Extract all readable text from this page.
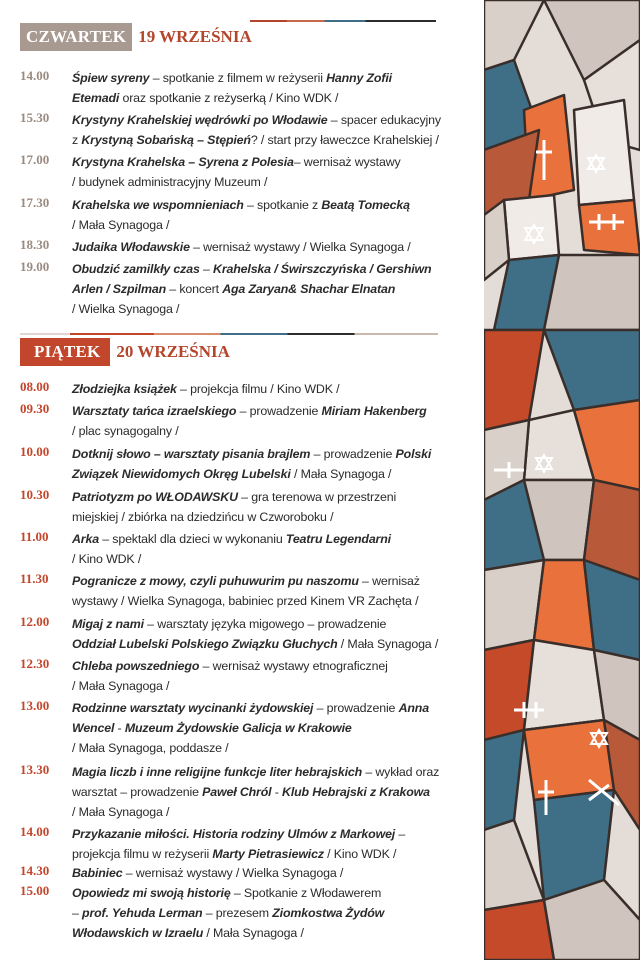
CZWARTEK 19 WRZEŚNIA
14.00	Śpiew syreny – spotkanie z filmem w reżyserii Hanny Zofii
Etemadi oraz spotkanie z reżyserką / Kino WDK /
15.30	Krystyny Krahelskiej wędrówki po Włodawie – spacer edukacyjny
z Krystyną Sobańską – Stępień? / start przy ławeczce Krahelskiej /
17.00	Krystyna Krahelska – Syrena z Polesia– wernisaż wystawy
/ budynek administracyjny Muzeum /
17.30	Krahelska we wspomnieniach – spotkanie z Beatą Tomecką
/ Mała Synagoga /
18.30	Judaika Włodawskie – wernisaż wystawy / Wielka Synagoga /
19.00	Obudzić zamilkły czas – Krahelska / Świrszczyńska / Gershiwn
Arlen / Szpilman – koncert Aga Zaryan& Shachar Elnatan
/ Wielka Synagoga /
PIĄTEK 20 WRZEŚNIA
08.00	Złodziejka książek – projekcja filmu / Kino WDK /
09.30	Warsztaty tańca izraelskiego – prowadzenie Miriam Hakenberg
/ plac synagogalny /
10.00	Dotknij słowo – warsztaty pisania brajlem – prowadzenie Polski
Związek Niewidomych Okręg Lubelski / Mała Synagoga /
10.30	Patriotyzm po WŁODAWSKU – gra terenowa w przestrzeni
miejskiej / zbiórka na dziedzińcu w Czworoboku /
11.00	Arka – spektakl dla dzieci w wykonaniu Teatru Legendarni
/ Kino WDK /
11.30	Pogranicze z mowy, czyli puhuwurim pu naszomu – wernisaż
wystawy / Wielka Synagoga, babiniec przed Kinem VR Zachęta /
12.00	Migaj z nami – warsztaty języka migowego – prowadzenie
Oddział Lubelski Polskiego Związku Głuchych / Mała Synagoga /
12.30	Chleba powszedniego – wernisaż wystawy etnograficznej
/ Mała Synagoga /
13.00	Rodzinne warsztaty wycinanki żydowskiej – prowadzenie Anna
Wencel - Muzeum Żydowskie Galicja w Krakowie
/ Mała Synagoga, poddasze /
13.30	Magia liczb i inne religijne funkcje liter hebrajskich – wykład oraz
warsztat – prowadzenie Paweł Chról - Klub Hebrajski z Krakowa
/ Mała Synagoga /
14.00	Przykazanie miłości. Historia rodziny Ulmów z Markowej –
projekcja filmu w reżyserii Marty Pietrasiewicz / Kino WDK /
14.30	Babiniec – wernisaż wystawy / Wielka Synagoga /
15.00	Opowiedz mi swoją historię – Spotkanie z Włodawerem
– prof. Yehuda Lerman – prezesem Ziomkostwa Żydów
Włodawskich w Izraelu / Mała Synagoga /
